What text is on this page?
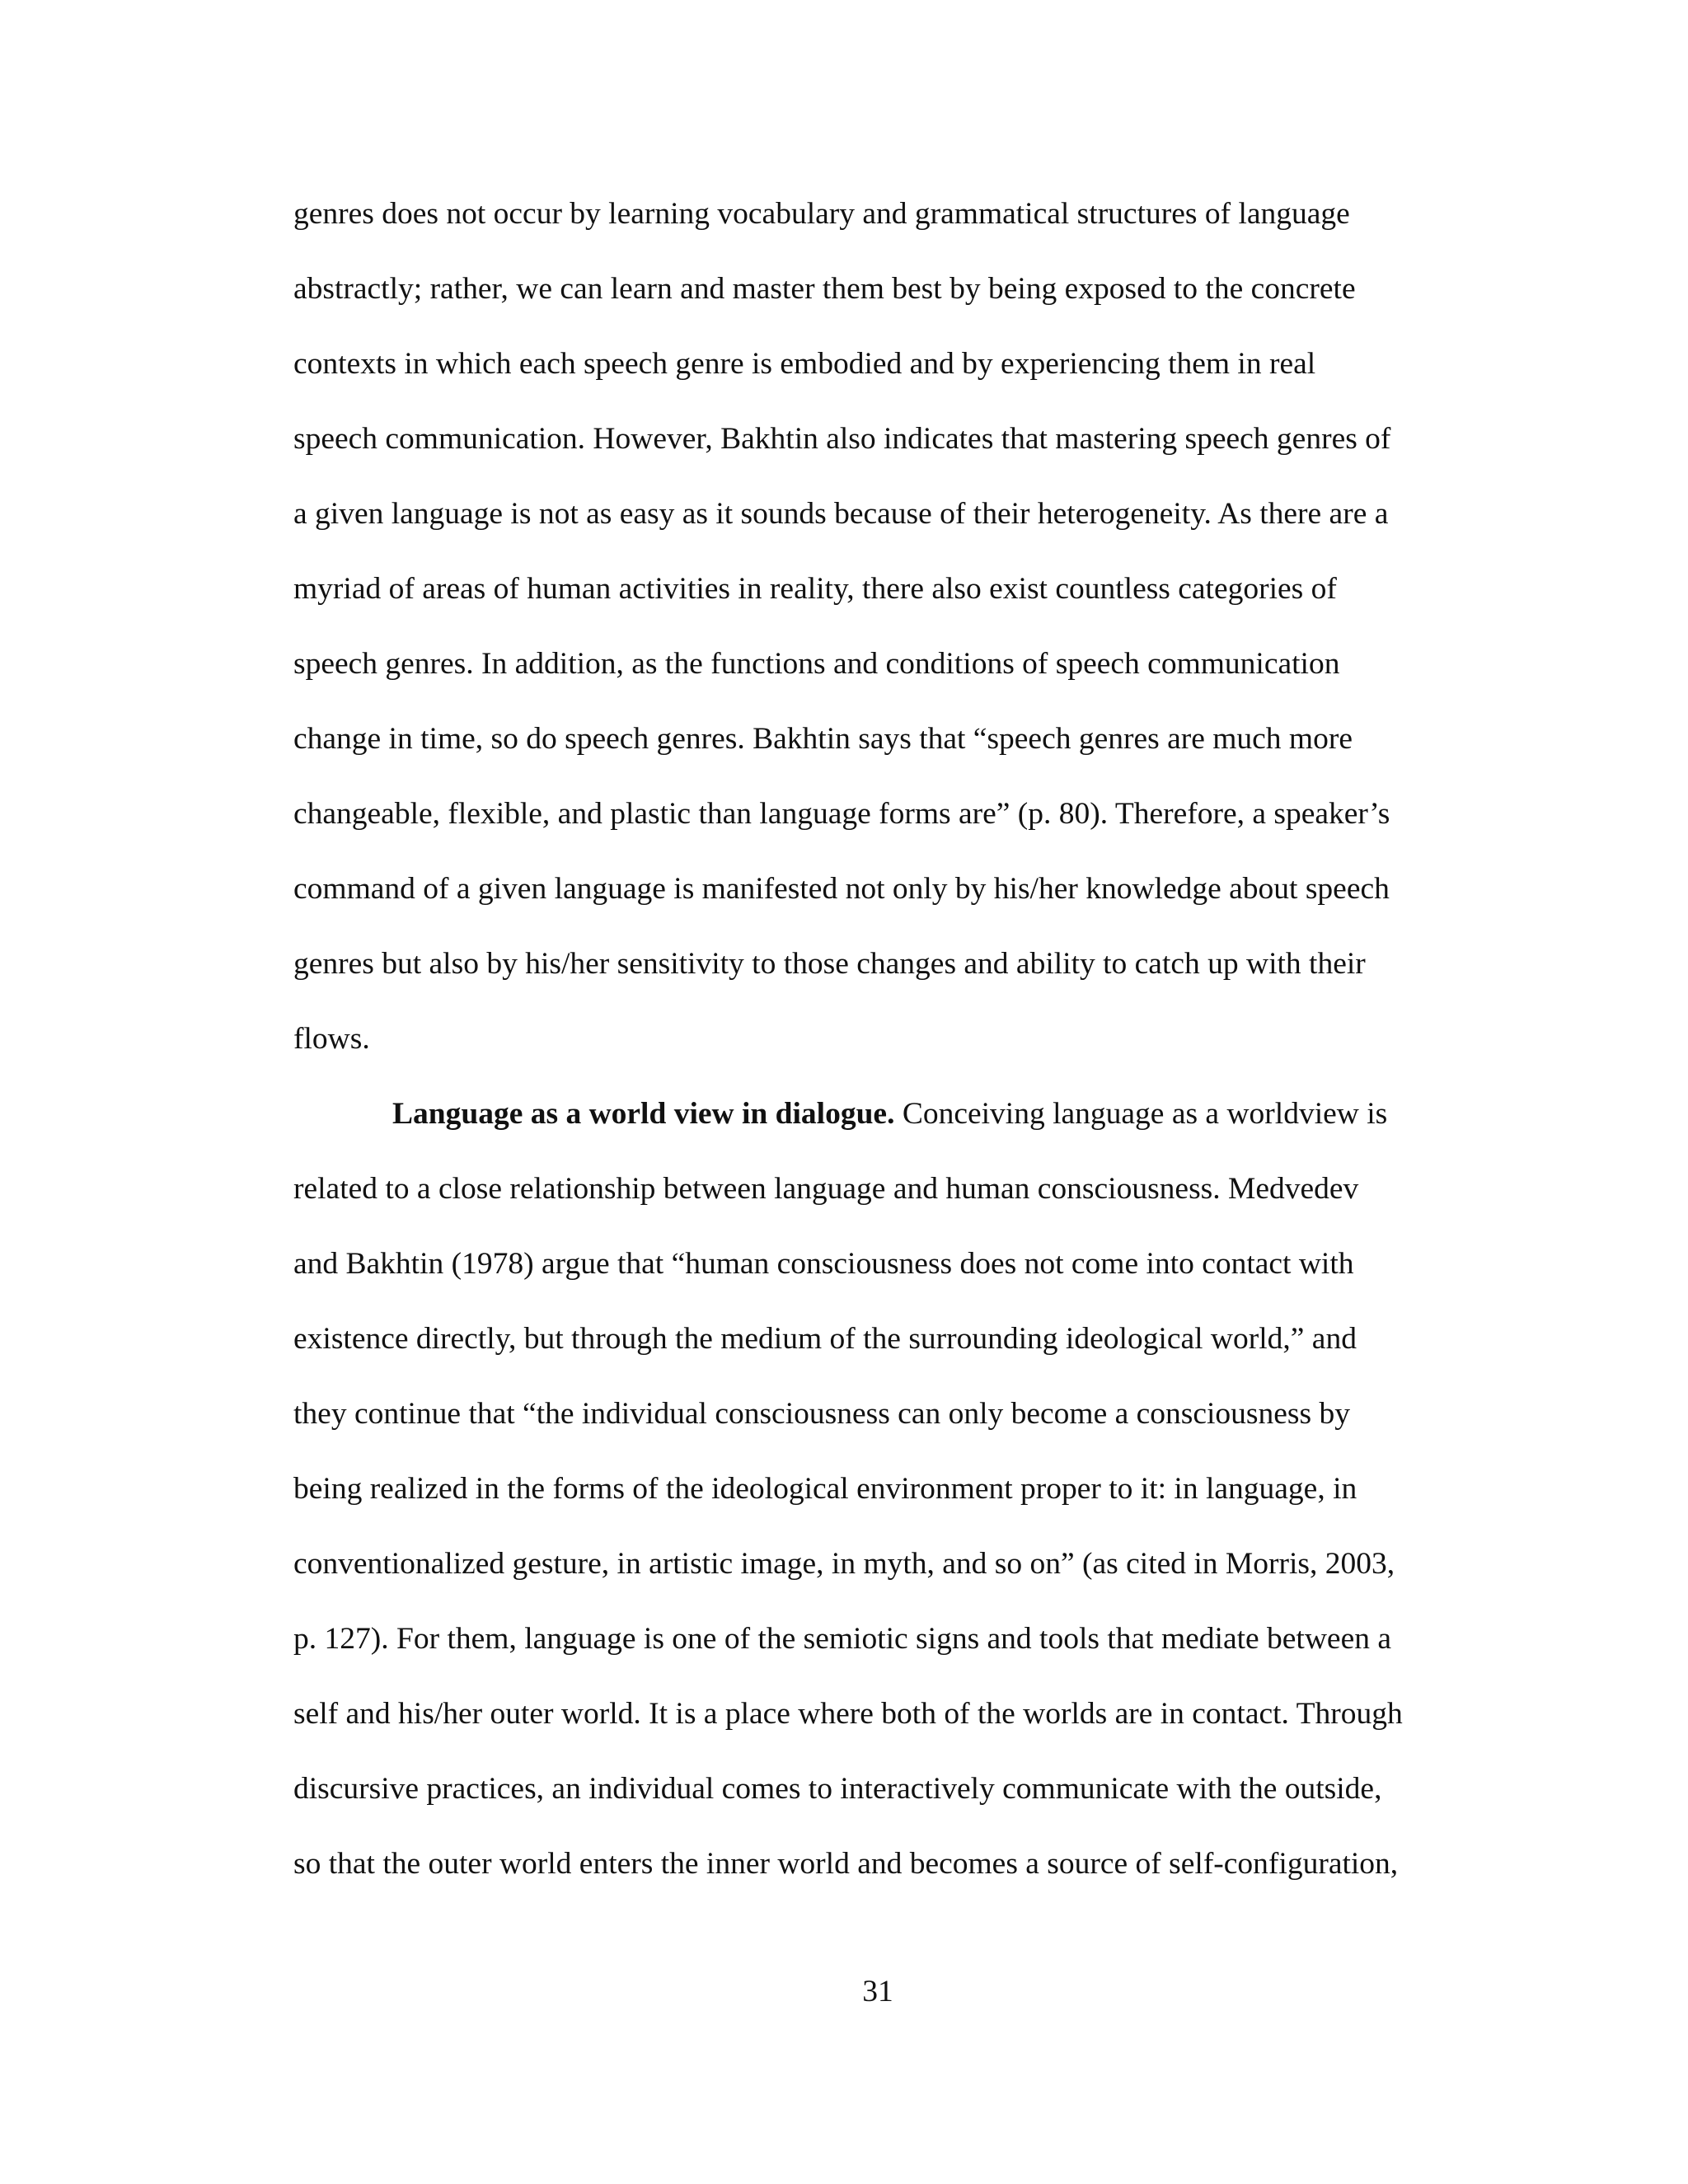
genres does not occur by learning vocabulary and grammatical structures of language
abstractly; rather, we can learn and master them best by being exposed to the concrete
contexts in which each speech genre is embodied and by experiencing them in real
speech communication. However, Bakhtin also indicates that mastering speech genres of
a given language is not as easy as it sounds because of their heterogeneity. As there are a
myriad of areas of human activities in reality, there also exist countless categories of
speech genres. In addition, as the functions and conditions of speech communication
change in time, so do speech genres. Bakhtin says that “speech genres are much more
changeable, flexible, and plastic than language forms are” (p. 80). Therefore, a speaker’s
command of a given language is manifested not only by his/her knowledge about speech
genres but also by his/her sensitivity to those changes and ability to catch up with their
flows.
Language as a world view in dialogue. Conceiving language as a worldview is
related to a close relationship between language and human consciousness. Medvedev
and Bakhtin (1978) argue that “human consciousness does not come into contact with
existence directly, but through the medium of the surrounding ideological world,” and
they continue that “the individual consciousness can only become a consciousness by
being realized in the forms of the ideological environment proper to it: in language, in
conventionalized gesture, in artistic image, in myth, and so on” (as cited in Morris, 2003,
p. 127). For them, language is one of the semiotic signs and tools that mediate between a
self and his/her outer world. It is a place where both of the worlds are in contact. Through
discursive practices, an individual comes to interactively communicate with the outside,
so that the outer world enters the inner world and becomes a source of self-configuration,
31
